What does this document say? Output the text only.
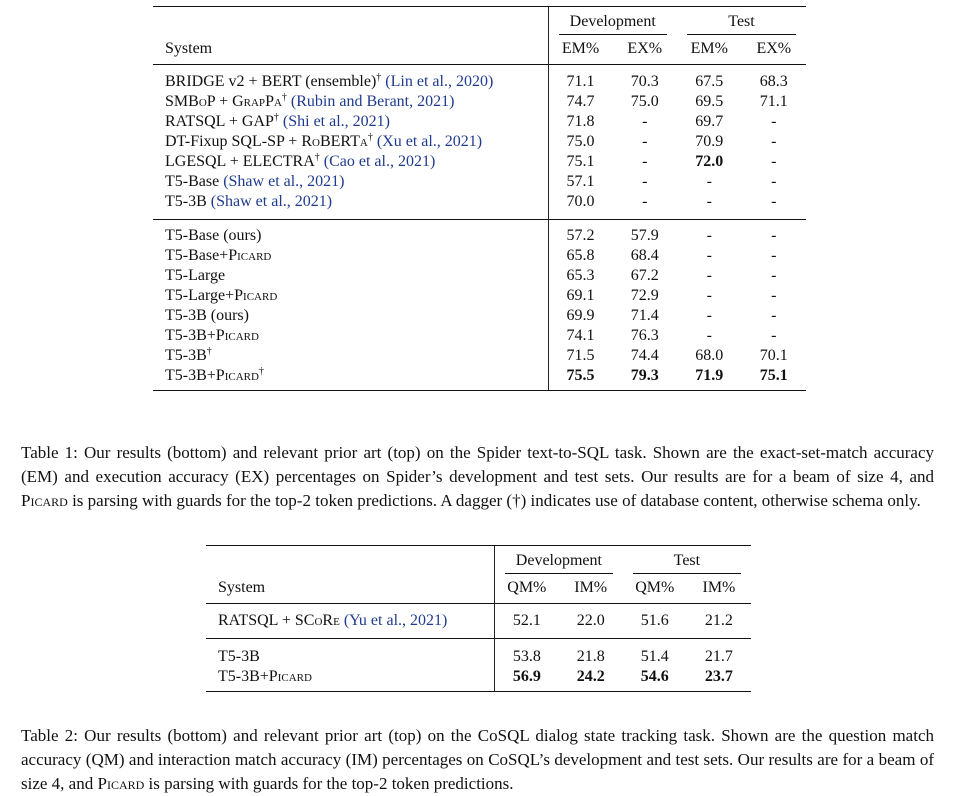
	Development		Test	

System	EM%	EX%	EM%	EX%
BRIDGE v2 + BERT (ensemble)† (Lin et al., 2020)	71.1	70.3	67.5	68.3
SMBoP + GrapPa† (Rubin and Berant, 2021)	74.7	75.0	69.5	71.1
RATSQL + GAP† (Shi et al., 2021)	71.8	-	69.7	-
DT-Fixup SQL-SP + RoBERTa† (Xu et al., 2021)	75.0	-	70.9	-
LGESQL + ELECTRA† (Cao et al., 2021)	75.1	-	72.0	-
T5-Base (Shaw et al., 2021)	57.1	-	-	-
T5-3B (Shaw et al., 2021)	70.0	-	-	-
T5-Base (ours)	57.2	57.9	-	-
T5-Base+Picard	65.8	68.4	-	-
T5-Large	65.3	67.2	-	-
T5-Large+Picard	69.1	72.9	-	-
T5-3B (ours)	69.9	71.4	-	-
T5-3B+Picard	74.1	76.3	-	-
T5-3B†	71.5	74.4	68.0	70.1
T5-3B+Picard†	75.5	79.3	71.9	75.1

Table 1: Our results (bottom) and relevant prior art (top) on the Spider text-to-SQL task. Shown are the exact-set-match accuracy (EM) and execution accuracy (EX) percentages on Spider’s development and test sets. Our results are for a beam of size 4, and Picard is parsing with guards for the top-2 token predictions. A dagger (†) indicates use of database content, otherwise schema only.

	Development		Test	

System	QM%	IM%	QM%	IM%
RATSQL + SCoRe (Yu et al., 2021)	52.1	22.0	51.6	21.2
T5-3B	53.8	21.8	51.4	21.7
T5-3B+Picard	56.9	24.2	54.6	23.7

Table 2: Our results (bottom) and relevant prior art (top) on the CoSQL dialog state tracking task. Shown are the question match accuracy (QM) and interaction match accuracy (IM) percentages on CoSQL’s development and test sets. Our results are for a beam of size 4, and Picard is parsing with guards for the top-2 token predictions.
